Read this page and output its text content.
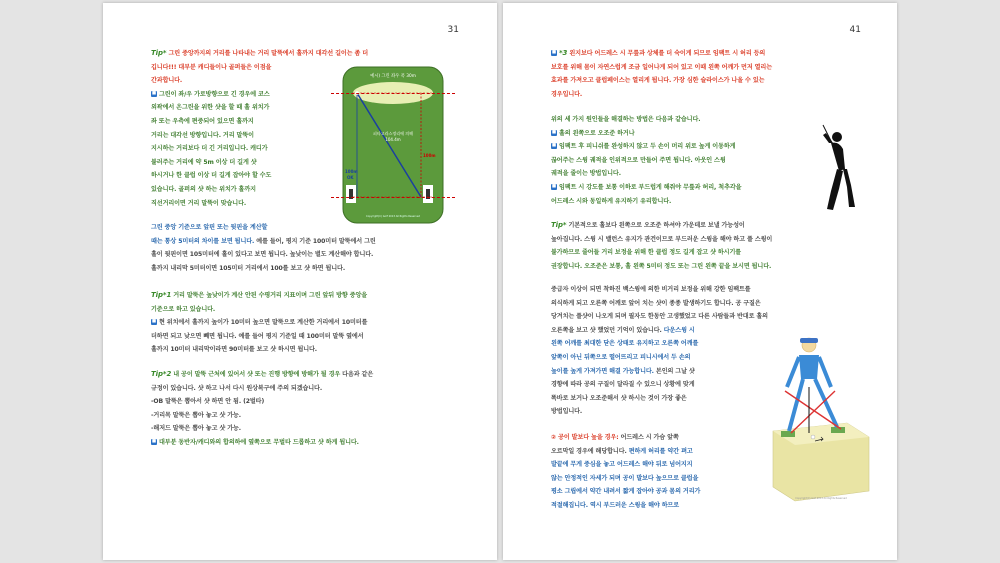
31
Tip* 그린 중앙까지의 거리를 나타내는 거리 말뚝에서 홀까지 대각선 길이는 좀 더
깁니다!!! 대부분 캐디들이나 골퍼들은 이점을
간과합니다.
■ 그린이 좌/우 가로방향으로 긴 경우에 코스
외곽에서 온그린을 위한 샷을 할 때 홀 위치가
좌 또는 우측에 편중되어 있으면 홀까지
거리는 대각선 방향입니다. 거리 말뚝이
지시하는 거리보다 더 긴 거리입니다. 캐디가
불러주는 거리에 약 5m 이상 더 길게 샷
하시거나 한 클럽 이상 더 길게 잡아야 할 수도
있습니다. 골퍼의 샷 하는 위치가 홀까지
직선거리이면 거리 말뚝이 맞습니다.
예시) 그린 좌우 폭 30m
피타고라스정리에 의해
104.4m
100m
OK
100m
Copyright(C) Golf 2013 All Rights Reserved
그린 중앙 기준으로 앞핀 또는 뒷핀을 계산할
때는 통상 5미터의 차이를 보면 됩니다. 예를 들어, 평지 기준 100미터 말뚝에서 그린
홀이 뒷핀이면 105미터에 홀이 있다고 보면 됩니다. 높낮이는 별도 계산해야 합니다.
홀까지 내리막 5미터이면 105미터 거리에서 100를 보고 샷 하면 됩니다.
Tip*1 거리 말뚝은 높낮이가 계산 안된 수평거리 지표이며 그린 앞뒤 방향 중앙을
기준으로 하고 있습니다.
■ 현 위치에서 홀까지 높이가 10미터 높으면 말뚝으로 계산한 거리에서 10미터를
더하면 되고 낮으면 빼면 됩니다. 예를 들어 평지 기준일 때 100미터 말뚝 옆에서
홀까지 10미터 내리막이라면 90미터를 보고 샷 하시면 됩니다.
Tip*2 내 공이 말뚝 근처에 있어서 샷 또는 진행 방향에 방해가 될 경우 다음과 같은
규정이 있습니다. 샷 하고 나서 다시 원상복구에 주의 되겠습니다.
-OB 말뚝은 뽑아서 샷 하면 안 됨. (2벌타)
-거리목 말뚝은 뽑아 놓고 샷 가능.
-해저드 말뚝은 뽑아 놓고 샷 가능.
■ 대부분 동반자/캐디와의 합의하에 옆쪽으로 무벌타 드롭하고 샷 하게 됩니다.
41
■ *3 왼지보다 어드레스 시 무릎과 상체를 더 숙이게 되므로 임팩트 시 허리 등의
보호를 위해 몸이 자연스럽게 조금 일어나게 되어 있고 이때 왼쪽 어깨가 먼저 열리는
효과를 가져오고 클럽페이스는 열리게 됩니다. 가장 심한 슬라이스가 나올 수 있는
경우입니다.
위의 세 가지 원인들을 해결하는 방법은 다음과 같습니다.
■ 홀의 왼쪽으로 오조준 하거나
■ 임팩트 후 피니쉬를 완성하지 않고 두 손이 머리 위로 높게 이동하게
끊어주는 스윙 궤적을 인위적으로 만들어 주면 됩니다. 아웃인 스윙
궤적을 줄이는 방법입니다.
■ 임팩트 시 강도를 보통 이하로 부드럽게 해줘야 무릎과 허리, 척추각을
어드레스 시와 동일하게 유지하기 유리합니다.
Tip* 기본적으로 홀보다 왼쪽으로 오조준 하셔야 가운데로 보낼 가능성이
높아집니다. 스윙 시 밸런스 유지가 관건이므로 부드러운 스윙을 해야 하고 풀 스윙이
불가하므로 줄어들 거리 보정을 위해 한 클럽 정도 길게 잡고 샷 하시기를
권장합니다. 오조준은 보통, 홀 왼쪽 5미터 정도 또는 그린 왼쪽 끝을 보시면 됩니다.
중급자 이상이 되면 착하진 백스윙에 의한 비거리 보정을 위해 강한 임팩트를
의식하게 되고 오른쪽 어깨로 앞어 치는 샷이 종종 발생하기도 합니다. 공 구질은
당겨치는 풀샷이 나오게 되며 필자도 한동안 고생했었고 다른 사람들과 반대로 홀의
오른쪽을 보고 샷 했었던 기억이 있습니다. 다운스윙 시
왼쪽 어깨를 최대한 닫은 상태로 유지하고 오른쪽 어깨를
앞쪽이 아닌 뒤쪽으로 떨어뜨리고 피니시에서 두 손의
높이를 높게 가져가면 해결 가능합니다. 본인의 그날 샷
경향에 따라 공의 구질이 달라질 수 있으니 상황에 맞게
똑바로 보거나 오조준해서 샷 하시는 것이 가장 좋은
방법입니다.
Copyright(C) Golf 2013 All Rights Reserved
② 공이 발보다 높을 경우: 어드레스 시 가슴 앞쪽
오르막일 경우에 해당합니다. 편하게 허리를 약간 펴고
발끝에 무게 중심을 놓고 어드레스 해야 뒤로 넘어지지
않는 안정적인 자세가 되며 공이 발보다 높으므로 클럽을
평소 그립에서 약간 내려서 짧게 잡아야 공과 몸의 거리가
적절해집니다. 역시 부드러운 스윙을 해야 하므로
